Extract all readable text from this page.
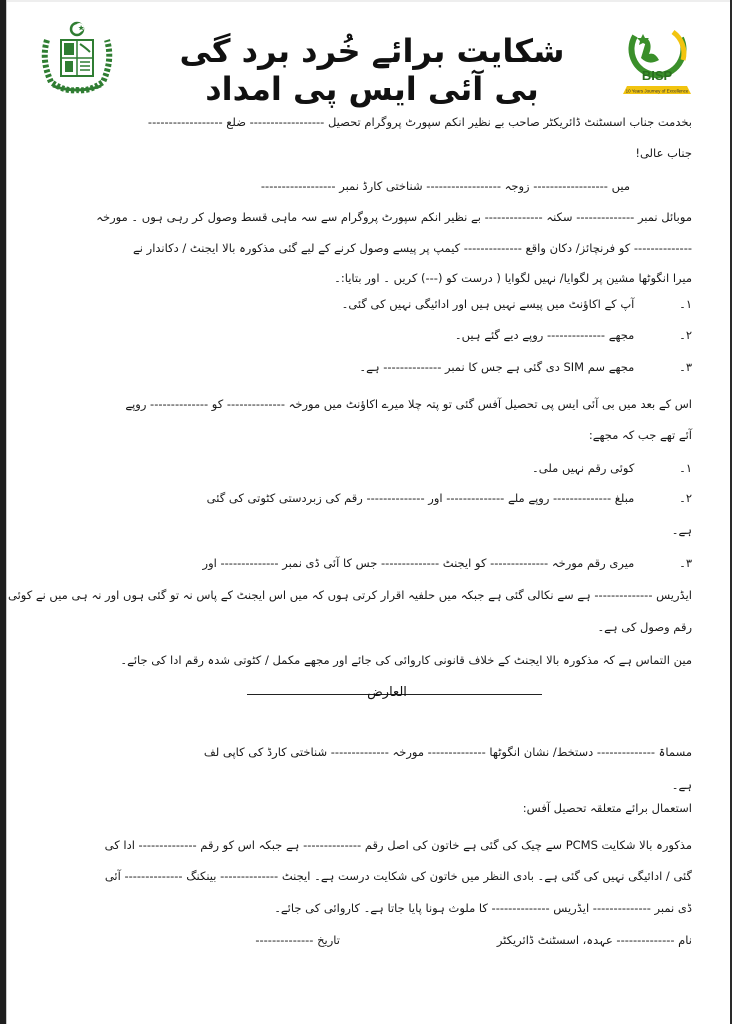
شکایت برائے خُرد برد گی بی آئی ایس پی امداد	BISP
10 Years Journey of Excellence
بخدمت جناب اسسٹنٹ ڈائریکٹر صاحب بے نظیر انکم سپورٹ پروگرام تحصیل ------------------ ضلع ------------------
جناب عالی!
میں ------------------ زوجہ ------------------ شناختی کارڈ نمبر ------------------
موبائل نمبر -------------- سکنہ -------------- بے نظیر انکم سپورٹ پروگرام سے سہ ماہی قسط وصول کر رہی ہوں ۔ مورخہ
-------------- کو فرنچائز/ دکان واقع -------------- کیمپ پر پیسے وصول کرنے کے لیے گئی مذکورہ بالا ایجنٹ / دکاندار نے
میرا انگوٹھا مشین پر لگوایا/ نہیں لگوایا ( درست کو (---) کریں ۔ اور بتایا:۔
۱۔ آپ کے اکاؤنٹ میں پیسے نہیں ہیں اور ادائیگی نہیں کی گئی۔
۲۔ مجھے -------------- روپے دیے گئے ہیں۔
۳۔ مجھے سم SIM دی گئی ہے جس کا نمبر -------------- ہے۔
اس کے بعد میں بی آئی ایس پی تحصیل آفس گئی تو پتہ چلا میرے اکاؤنٹ میں مورخہ -------------- کو -------------- روپے
آئے تھے جب کہ مجھے:
۱۔ کوئی رقم نہیں ملی۔
۲۔ مبلغ -------------- روپے ملے -------------- اور -------------- رقم کی زبردستی کٹوتی کی گئی
ہے۔
۳۔ میری رقم مورخہ -------------- کو ایجنٹ -------------- جس کا آئی ڈی نمبر -------------- اور
ایڈریس -------------- ہے سے نکالی گئی ہے جبکہ میں حلفیہ اقرار کرتی ہوں کہ میں اس ایجنٹ کے پاس نہ تو گئی ہوں اور نہ ہی میں نے کوئی
رقم وصول کی ہے۔
مین التماس ہے کہ مذکورہ بالا ایجنٹ کے خلاف قانونی کاروائی کی جائے اور مجھے مکمل / کٹوتی شدہ رقم ادا کی جائے۔
العارض
مسماۃ -------------- دستخط/ نشان انگوٹھا -------------- مورخہ -------------- شناختی کارڈ کی کاپی لف
ہے۔
استعمال برائے متعلقہ تحصیل آفس:
مذکورہ بالا شکایت PCMS سے چیک کی گئی ہے خاتون کی اصل رقم -------------- ہے جبکہ اس کو رقم -------------- ادا کی
گئی / ادائیگی نہیں کی گئی ہے۔ بادی النظر میں خاتون کی شکایت درست ہے۔ ایجنٹ -------------- بینکنگ -------------- آئی
ڈی نمبر -------------- ایڈریس -------------- کا ملوث ہونا پایا جاتا ہے۔ کاروائی کی جائے۔
نام -------------- عہدہ، اسسٹنٹ ڈائریکٹر
تاریخ --------------
